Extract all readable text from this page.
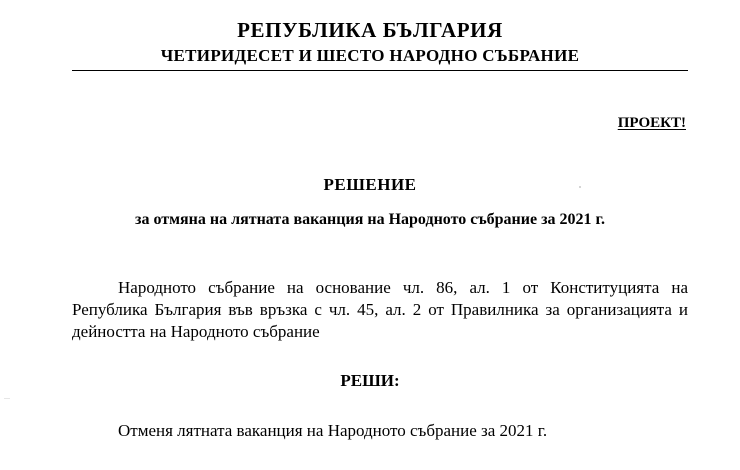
РЕПУБЛИКА БЪЛГАРИЯ
ЧЕТИРИДЕСЕТ И ШЕСТО НАРОДНО СЪБРАНИЕ
ПРОЕКТ!
РЕШЕНИЕ
за отмяна на лятната ваканция на Народното събрание за 2021 г.

Народното събрание на основание чл. 86, ал. 1 от Конституцията на Република България във връзка с чл. 45, ал. 2 от Правилника за организацията и дейността на Народното събрание

РЕШИ:

Отменя лятната ваканция на Народното събрание за 2021 г.
